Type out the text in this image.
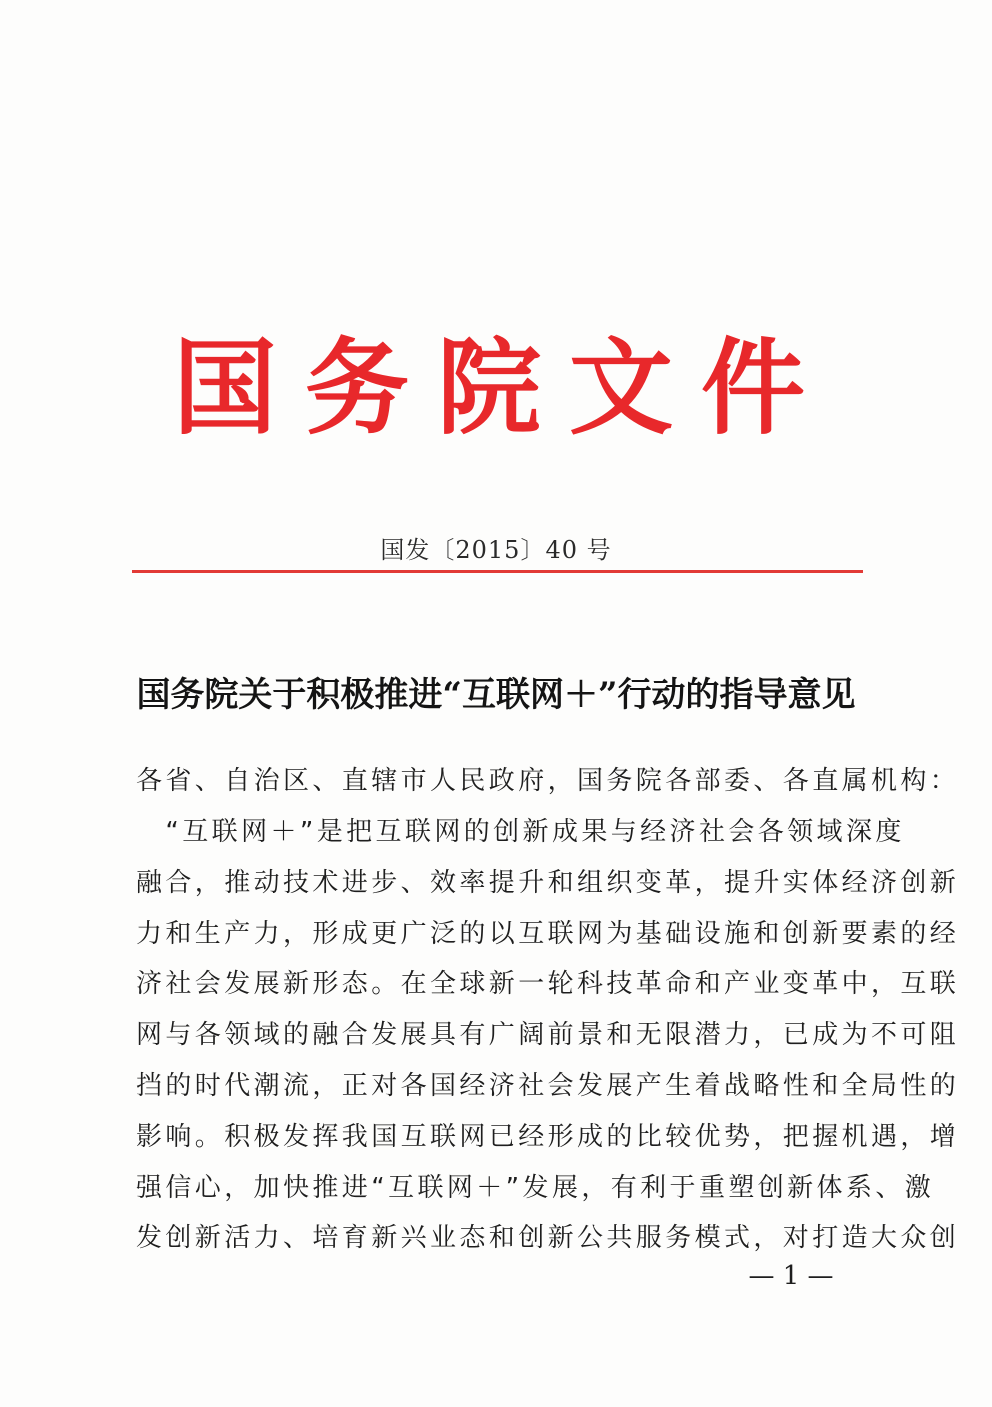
国务院文件
国发〔2015〕40 号
国务院关于积极推进“互联网＋”行动的指导意见
各省、自治区、直辖市人民政府，国务院各部委、各直属机构：
　“互联网＋”是把互联网的创新成果与经济社会各领域深度
融合，推动技术进步、效率提升和组织变革，提升实体经济创新
力和生产力，形成更广泛的以互联网为基础设施和创新要素的经
济社会发展新形态。在全球新一轮科技革命和产业变革中，互联
网与各领域的融合发展具有广阔前景和无限潜力，已成为不可阻
挡的时代潮流，正对各国经济社会发展产生着战略性和全局性的
影响。积极发挥我国互联网已经形成的比较优势，把握机遇，增
强信心，加快推进“互联网＋”发展，有利于重塑创新体系、激
发创新活力、培育新兴业态和创新公共服务模式，对打造大众创
— 1 —
